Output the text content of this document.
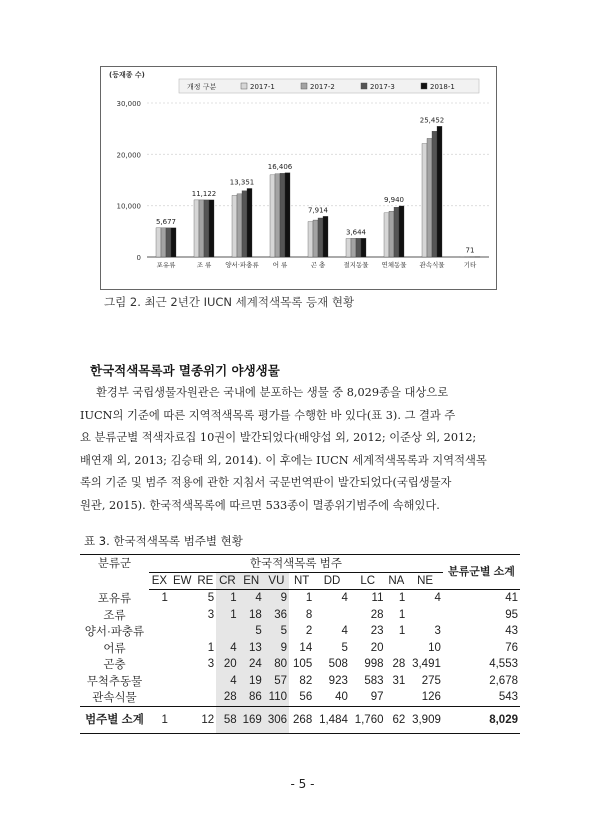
(등재종 수)
0
10,000
20,000
30,000
개정 구분	2017-1	2017-2	2017-3	2018-1
5,677
포유류
11,122
조 류
13,351
양서·파충류
16,406
어 류
7,914
곤 충
3,644
절지동물
9,940
연체동물
25,452
관속식물
71
기타
그림 2. 최근 2년간 IUCN 세계적색목록 등재 현황
한국적색목록과 멸종위기 야생생물
환경부 국립생물자원관은 국내에 분포하는 생물 중 8,029종을 대상으로
IUCN의 기준에 따른 지역적색목록 평가를 수행한 바 있다(표 3). 그 결과 주
요 분류군별 적색자료집 10권이 발간되었다(배양섭 외, 2012; 이준상 외, 2012;
배연재 외, 2013; 김승태 외, 2014). 이 후에는 IUCN 세계적색목록과 지역적색목
록의 기준 및 범주 적용에 관한 지침서 국문번역판이 발간되었다(국립생물자
원관, 2015). 한국적색목록에 따르면 533종이 멸종위기범주에 속해있다.
표 3. 한국적색목록 범주별 현황
분류군	한국적색목록 범주											분류군별 소계
	EX	EW	RE	CR	EN	VU	NT	DD	LC	NA	NE	
포유류	1		5	1	4	9	1	4	11	1	4	41
조류			3	1	18	36	8		28	1		95
양서·파충류					5	5	2	4	23	1	3	43
어류			1	4	13	9	14	5	20		10	76
곤충			3	20	24	80	105	508	998	28	3,491	4,553
무척추동물				4	19	57	82	923	583	31	275	2,678
관속식물				28	86	110	56	40	97		126	543
범주별 소계	1		12	58	169	306	268	1,484	1,760	62	3,909	8,029
- 5 -
